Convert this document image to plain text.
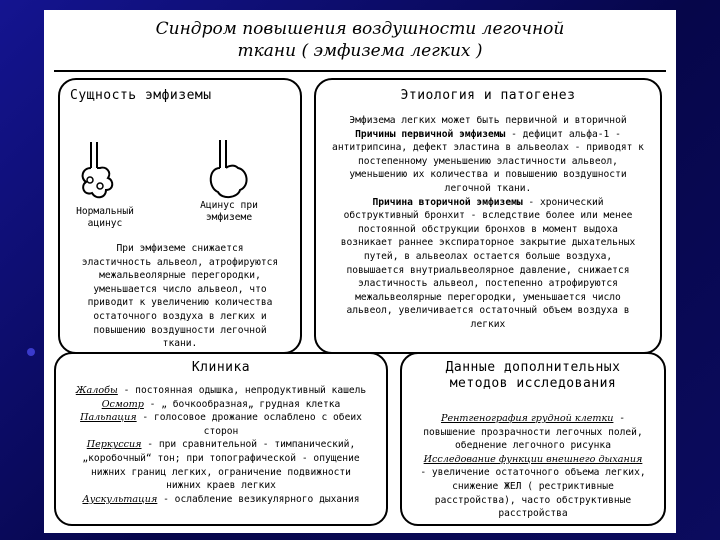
Синдром повышения воздушности легочной
ткани ( эмфизема легких )
Сущность эмфиземы
Нормальный
ацинус
Ацинус при
эмфиземе
При эмфиземе снижается
эластичность альвеол, атрофируются
межальвеолярные перегородки,
уменьшается число альвеол, что
приводит к увеличению количества
остаточного воздуха в легких и
повышению воздушности легочной
ткани.
Этиология и патогенез
Эмфизема легких может быть первичной и вторичной
Причины первичной эмфиземы - дефицит альфа-1 -
антитрипсина, дефект эластина в альвеолах - приводят к
постепенному уменьшению эластичности альвеол,
уменьшению их количества и повышению воздушности
легочной ткани.
Причина вторичной эмфиземы - хронический
обструктивный бронхит - вследствие более или менее
постоянной обструкции бронхов в момент выдоха
возникает раннее экспираторное закрытие дыхательных
путей, в альвеолах остается больше воздуха,
повышается внутриальвеолярное давление, снижается
эластичность альвеол, постепенно атрофируются
межальвеолярные перегородки, уменьшается число
альвеол, увеличивается остаточный объем воздуха в
легких
Клиника
Жалобы - постоянная одышка, непродуктивный кашель
Осмотр - „ бочкообразная„ грудная клетка
Пальпация - голосовое дрожание ослаблено с обеих
сторон
Перкуссия - при сравнительной - тимпанический,
„коробочный“ тон; при топографической - опущение
нижних границ легких, ограничение подвижности
нижних краев легких
Аускультация - ослабление везикулярного дыхания
Данные дополнительных
методов исследования
Рентгенография грудной клетки -
повышение прозрачности легочных полей,
обеднение легочного рисунка
Исследование функции внешнего дыхания
- увеличение остаточного объема легких,
снижение ЖЕЛ ( рестриктивные
расстройства), часто обструктивные
расстройства
